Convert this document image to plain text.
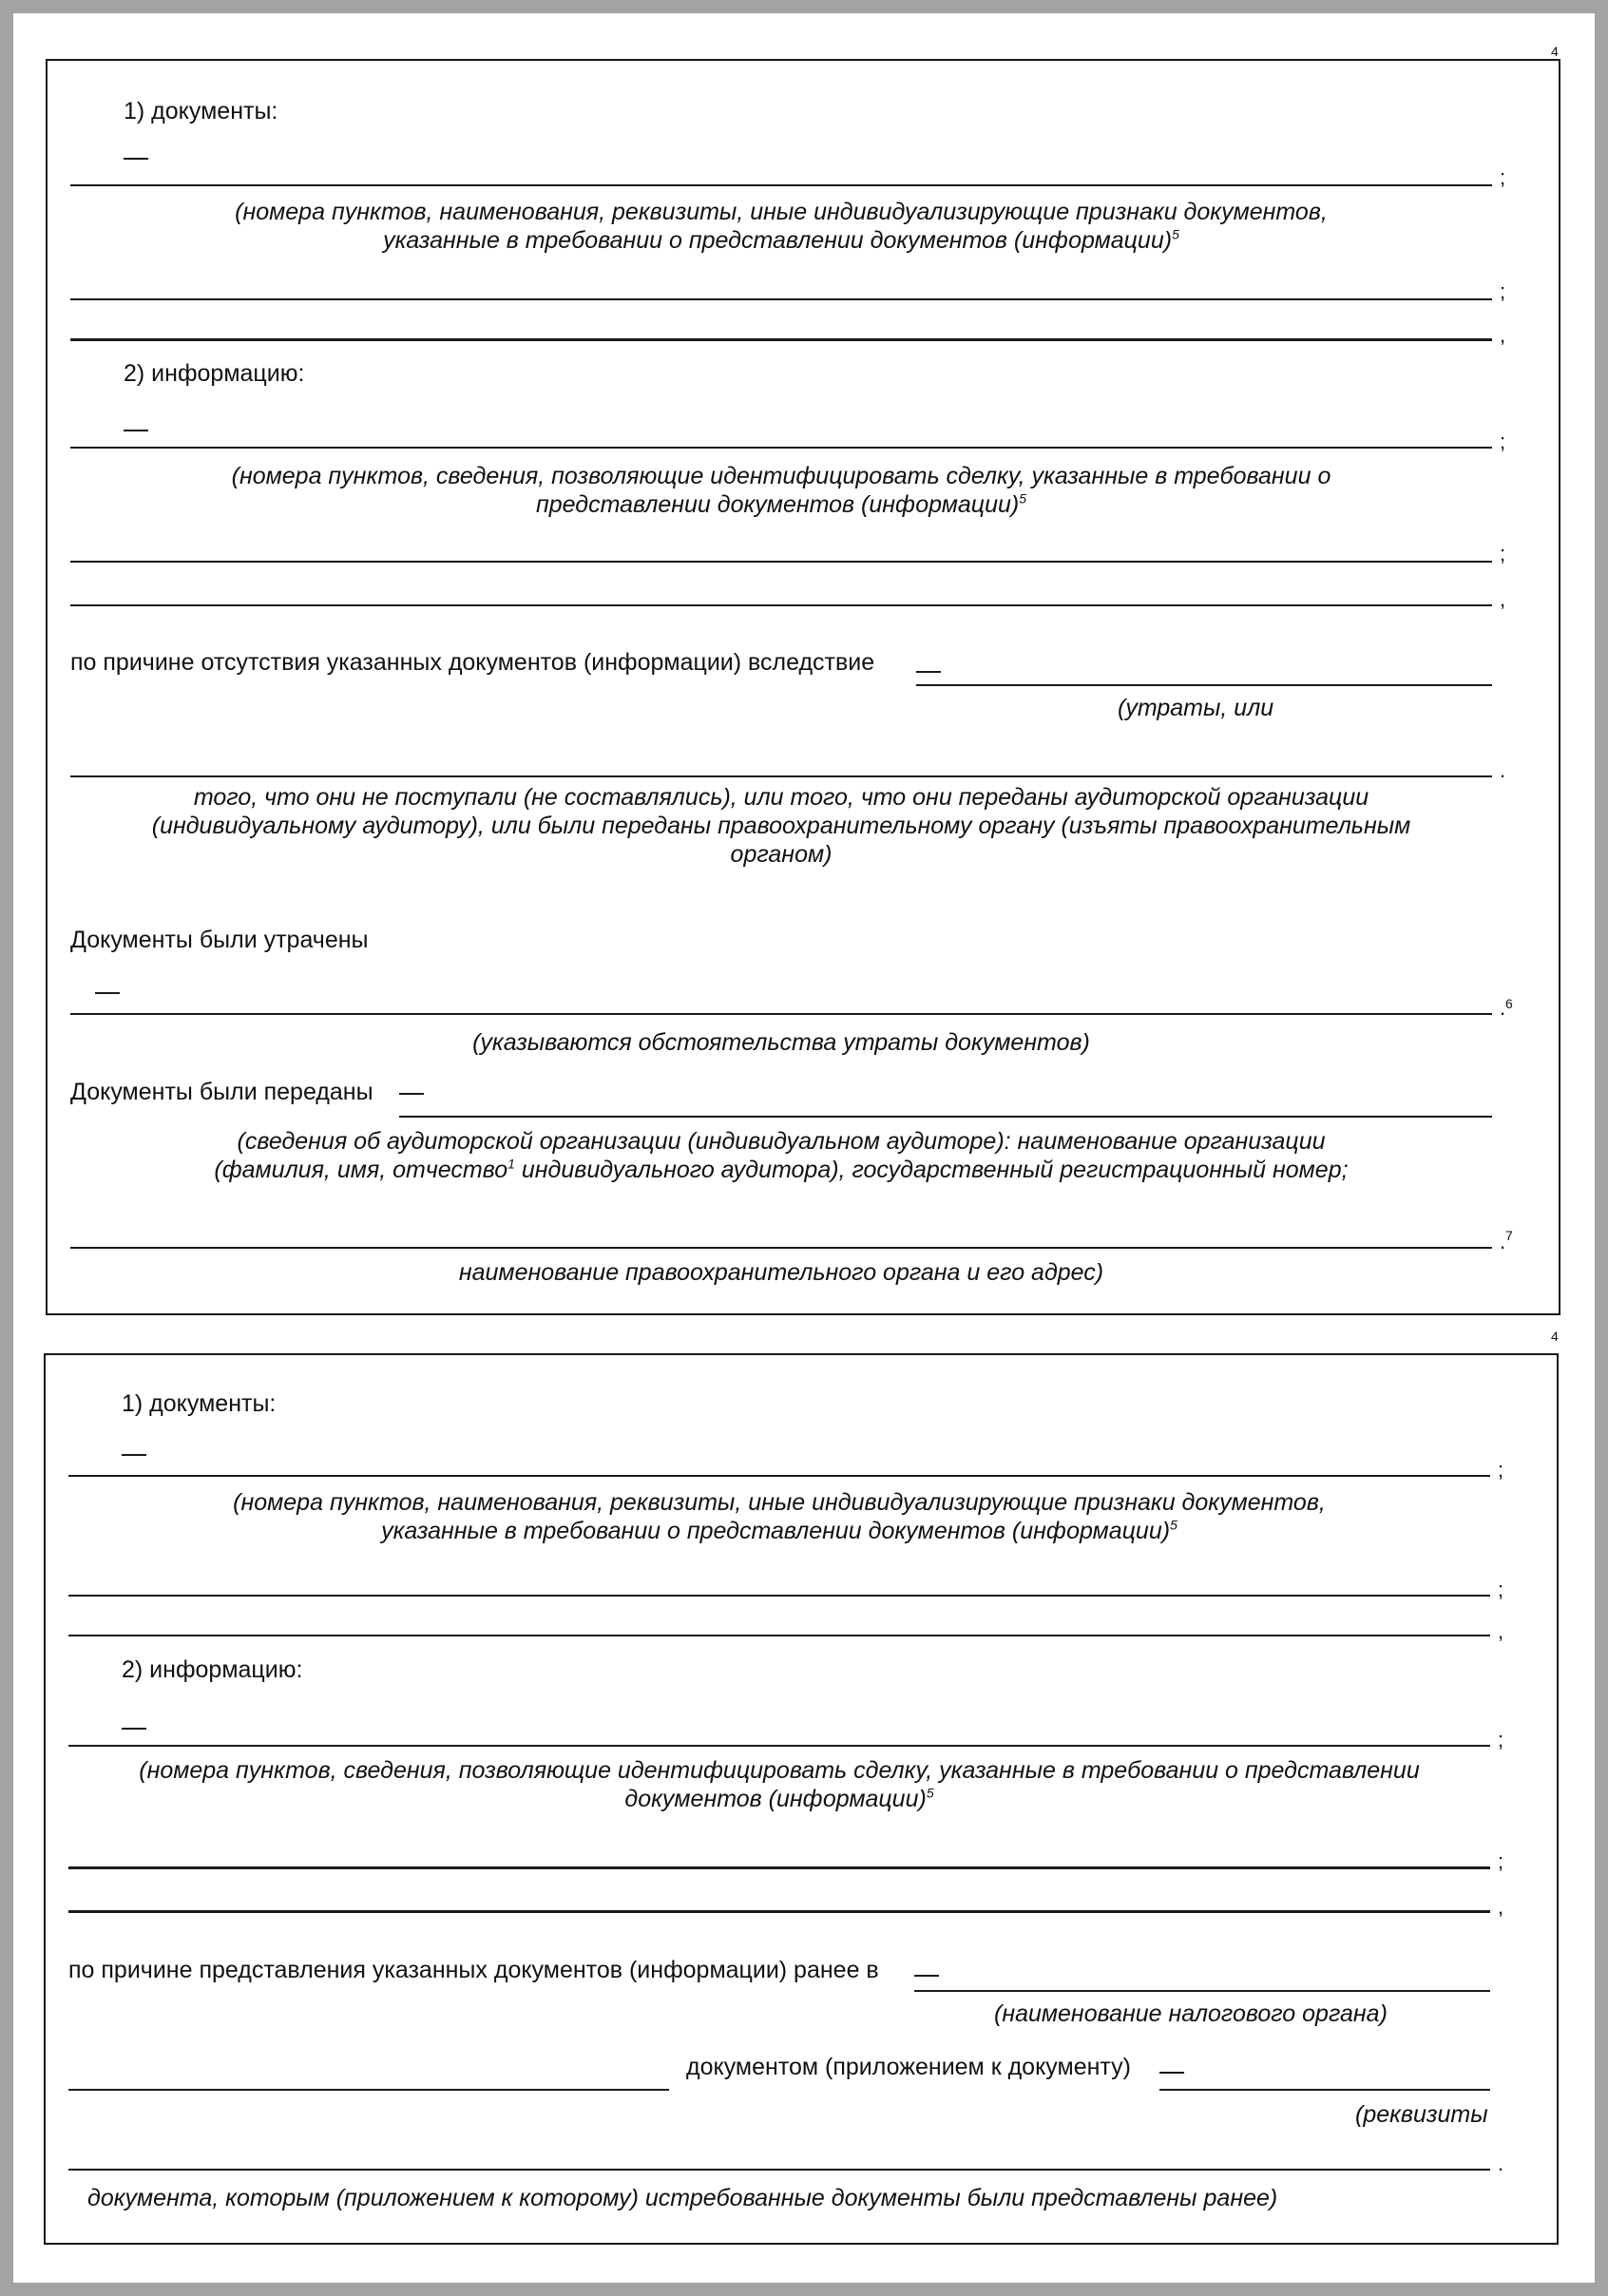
4
1) документы:
;
(номера пунктов, наименования, реквизиты, иные индивидуализирующие признаки документов,
указанные в требовании о представлении документов (информации)$^5$
;
,
2) информацию:
;
(номера пунктов, сведения, позволяющие идентифицировать сделку, указанные в требовании о
представлении документов (информации)$^5$
;
,
по причине отсутствия указанных документов (информации) вследствие
(утраты, или
.
того, что они не поступали (не составлялись), или того, что они переданы аудиторской организации
(индивидуальному аудитору), или были переданы правоохранительному органу (изъяты правоохранительным
органом)
Документы были утрачены
. 6
(указываются обстоятельства утраты документов)
Документы были переданы
(сведения об аудиторской организации (индивидуальном аудиторе): наименование организации
(фамилия, имя, отчество$^1$ индивидуального аудитора), государственный регистрационный номер;
. 7
наименование правоохранительного органа и его адрес)
4
1) документы:
;
(номера пунктов, наименования, реквизиты, иные индивидуализирующие признаки документов,
указанные в требовании о представлении документов (информации)$^5$
;
,
2) информацию:
;
(номера пунктов, сведения, позволяющие идентифицировать сделку, указанные в требовании о представлении
документов (информации)$^5$
;
,
по причине представления указанных документов (информации) ранее в
(наименование налогового органа)
документом (приложением к документу)
(реквизиты
.
документа, которым (приложением к которому) истребованные документы были представлены ранее)
